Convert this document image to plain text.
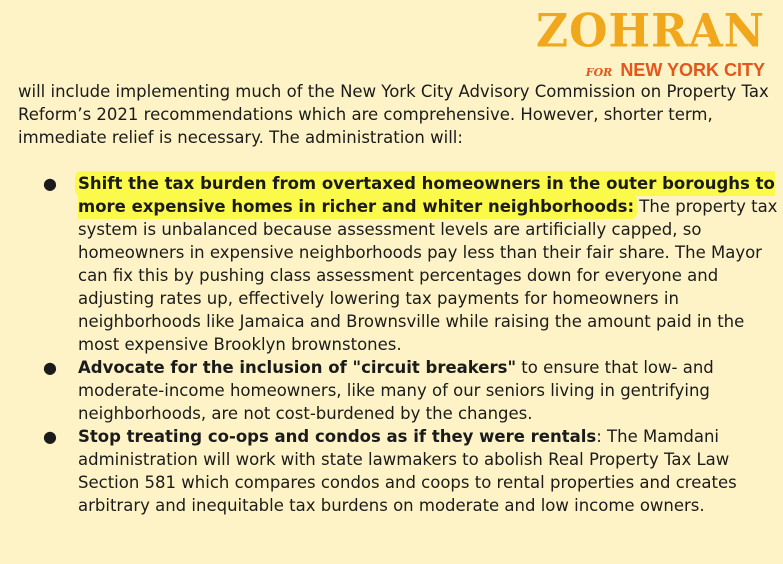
ZOHRAN
FOR NEW YORK CITY

will include implementing much of the New York City Advisory Commission on Property Tax Reform’s 2021 recommendations which are comprehensive. However, shorter term, immediate relief is necessary. The administration will:

● Shift the tax burden from overtaxed homeowners in the outer boroughs to more expensive homes in richer and whiter neighborhoods: The property tax system is unbalanced because assessment levels are artificially capped, so homeowners in expensive neighborhoods pay less than their fair share. The Mayor can fix this by pushing class assessment percentages down for everyone and adjusting rates up, effectively lowering tax payments for homeowners in neighborhoods like Jamaica and Brownsville while raising the amount paid in the most expensive Brooklyn brownstones.
● Advocate for the inclusion of "circuit breakers" to ensure that low- and moderate-income homeowners, like many of our seniors living in gentrifying neighborhoods, are not cost-burdened by the changes.
● Stop treating co-ops and condos as if they were rentals: The Mamdani administration will work with state lawmakers to abolish Real Property Tax Law Section 581 which compares condos and coops to rental properties and creates arbitrary and inequitable tax burdens on moderate and low income owners.
